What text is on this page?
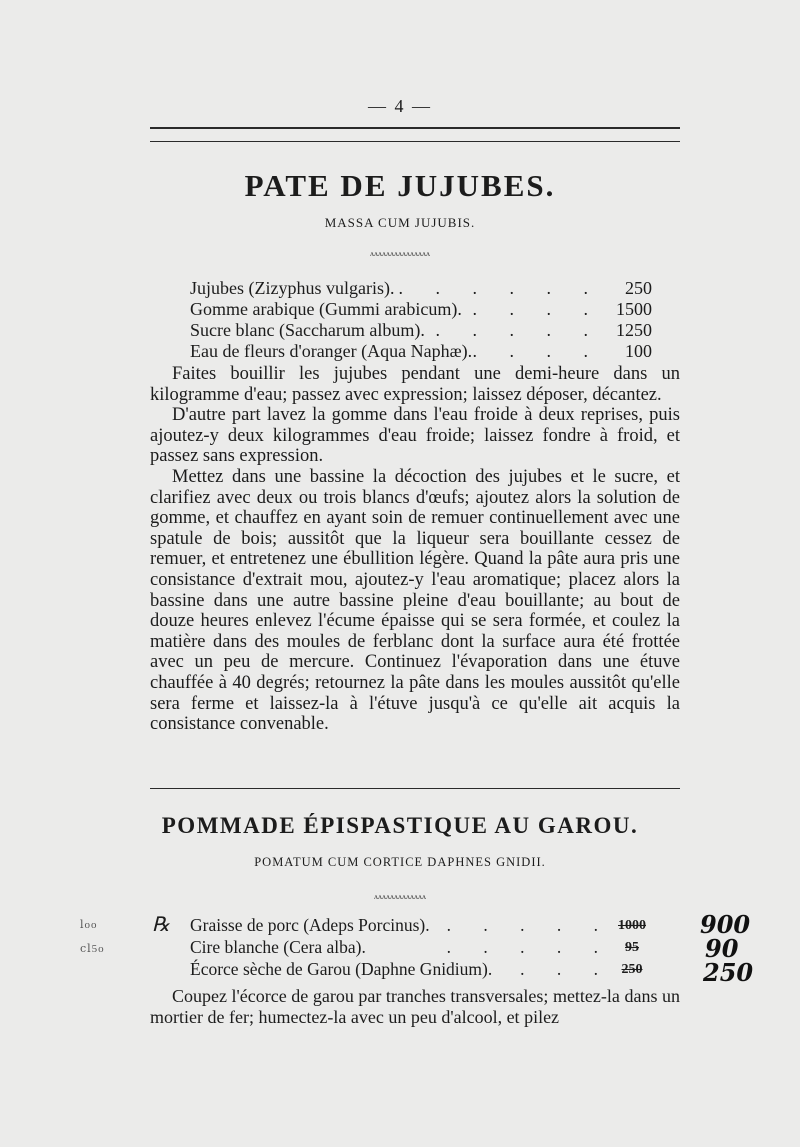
— 4 —
PATE DE JUJUBES.
MASSA CUM JUJUBIS.
ʌʌʌʌʌʌʌʌʌʌʌʌʌʌʌ
Jujubes (Zizyphus vulgaris). . . . . . .	250
Gomme arabique (Gummi arabicum). . . . . 1500
Sucre blanc (Saccharum album). . . . . . 1250
Eau de fleurs d'oranger (Aqua Naphæ). . . . .	100

Faites bouillir les jujubes pendant une demi-heure dans un kilogramme d'eau; passez avec expression; laissez déposer, décantez.

D'autre part lavez la gomme dans l'eau froide à deux reprises, puis ajoutez-y deux kilogrammes d'eau froide; laissez fondre à froid, et passez sans expression.

Mettez dans une bassine la décoction des jujubes et le sucre, et clarifiez avec deux ou trois blancs d'œufs; ajoutez alors la solution de gomme, et chauffez en ayant soin de remuer continuellement avec une spatule de bois; aussitôt que la liqueur sera bouillante cessez de remuer, et entretenez une ébullition légère. Quand la pâte aura pris une consistance d'extrait mou, ajoutez-y l'eau aromatique; placez alors la bassine dans une autre bassine pleine d'eau bouillante; au bout de douze heures enlevez l'écume épaisse qui se sera formée, et coulez la matière dans des moules de ferblanc dont la surface aura été frottée avec un peu de mercure. Continuez l'évaporation dans une étuve chauffée à 40 degrés; retournez la pâte dans les moules aussitôt qu'elle sera ferme et laissez-la à l'étuve jusqu'à ce qu'elle ait acquis la consistance convenable.

POMMADE ÉPISPASTIQUE AU GAROU.
POMATUM CUM CORTICE DAPHNES GNIDII.
ʌʌʌʌʌʌʌʌʌʌʌʌʌ
℞
ⅼoo
ⅽⅼ5o
Graisse de porc (Adeps Porcinus). . . . . . 1000
Cire blanche (Cera alba).	. . . . . 95
Écorce sèche de Garou (Daphne Gnidium). . . . 250
900
90
250

Coupez l'écorce de garou par tranches transversales; mettez-la dans un mortier de fer; humectez-la avec un peu d'alcool, et pilez
